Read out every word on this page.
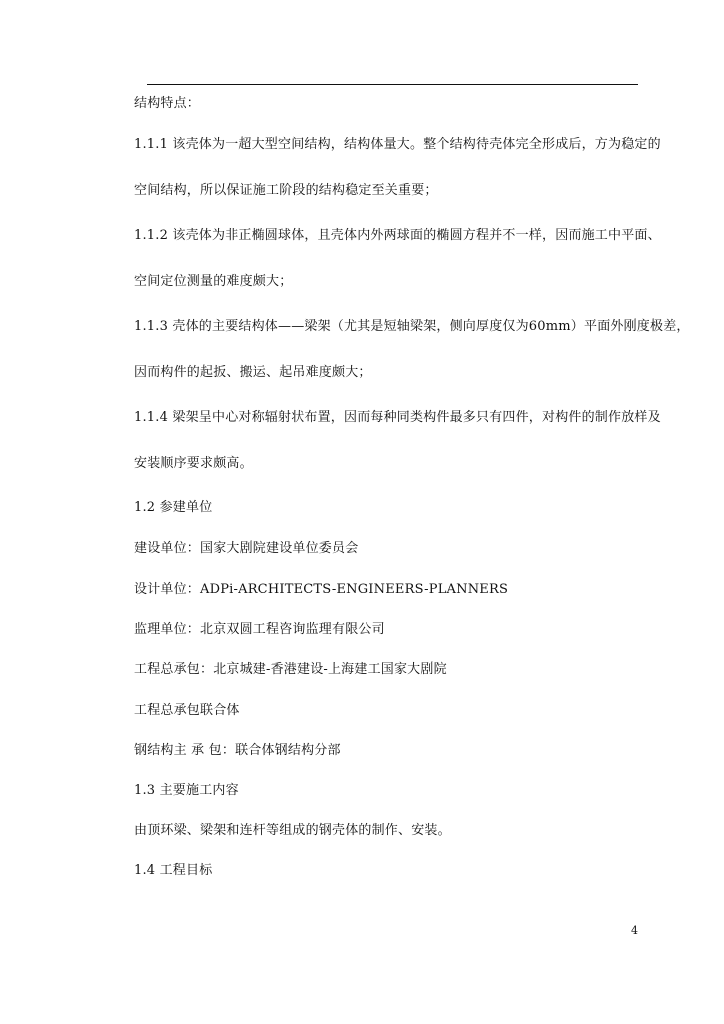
结构特点：
1.1.1 该壳体为一超大型空间结构，结构体量大。整个结构待壳体完全形成后，方为稳定的
空间结构，所以保证施工阶段的结构稳定至关重要；
1.1.2 该壳体为非正椭圆球体，且壳体内外两球面的椭圆方程并不一样，因而施工中平面、
空间定位测量的难度颇大；
1.1.3 壳体的主要结构体——梁架（尤其是短轴梁架，侧向厚度仅为60mm）平面外刚度极差，
因而构件的起扳、搬运、起吊难度颇大；
1.1.4 梁架呈中心对称辐射状布置，因而每种同类构件最多只有四件，对构件的制作放样及
安装顺序要求颇高。
1.2 参建单位
建设单位：国家大剧院建设单位委员会
设计单位：ADPi-ARCHITECTS-ENGINEERS-PLANNERS
监理单位：北京双圆工程咨询监理有限公司
工程总承包：北京城建-香港建设-上海建工国家大剧院
工程总承包联合体
钢结构主 承 包：联合体钢结构分部
1.3 主要施工内容
由顶环梁、梁架和连杆等组成的钢壳体的制作、安装。
1.4 工程目标
4
